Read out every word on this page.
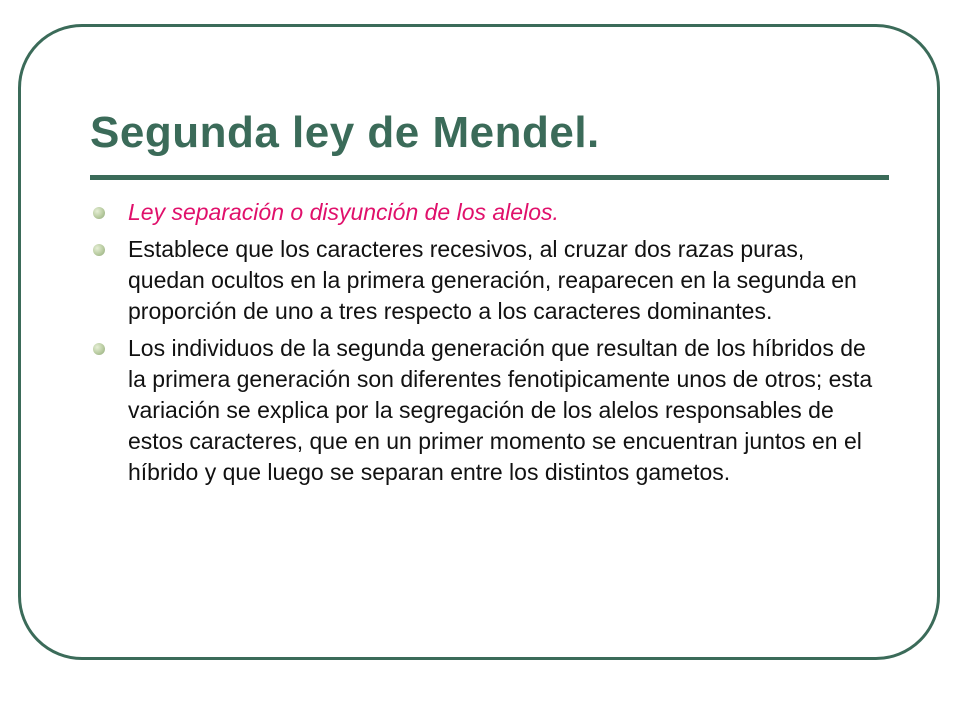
Segunda ley de Mendel.
Ley separación o disyunción de los alelos.
Establece que los caracteres recesivos, al cruzar dos razas puras, quedan ocultos en la primera generación, reaparecen en la segunda en proporción de uno a tres respecto a los caracteres dominantes.
Los individuos de la segunda generación que resultan de los híbridos de la primera generación son diferentes fenotipicamente unos de otros; esta variación se explica por la segregación de los alelos responsables de estos caracteres, que en un primer momento se encuentran juntos en el híbrido y que luego se separan entre los distintos gametos.
